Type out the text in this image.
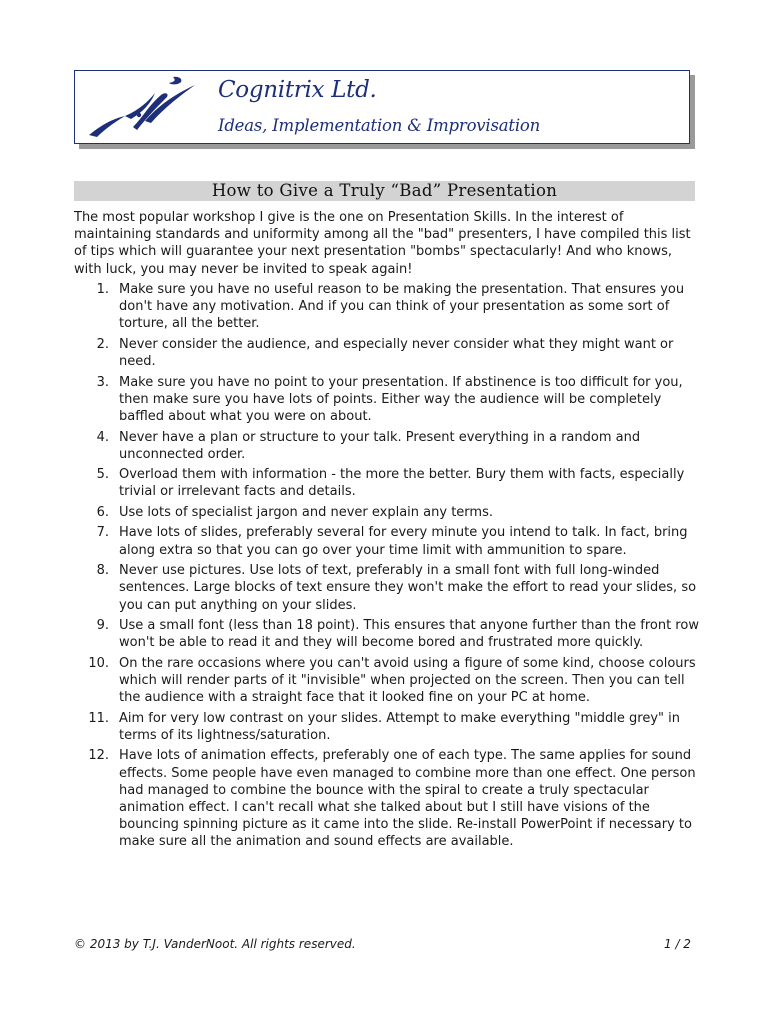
Cognitrix Ltd.
Ideas, Implementation & Improvisation
How to Give a Truly “Bad” Presentation

The most popular workshop I give is the one on Presentation Skills. In the interest of maintaining standards and uniformity among all the "bad" presenters, I have compiled this list of tips which will guarantee your next presentation "bombs" spectacularly! And who knows, with luck, you may never be invited to speak again!

1. Make sure you have no useful reason to be making the presentation. That ensures you don't have any motivation. And if you can think of your presentation as some sort of torture, all the better.
2. Never consider the audience, and especially never consider what they might want or need.
3. Make sure you have no point to your presentation. If abstinence is too difficult for you, then make sure you have lots of points. Either way the audience will be completely baffled about what you were on about.
4. Never have a plan or structure to your talk. Present everything in a random and unconnected order.
5. Overload them with information - the more the better. Bury them with facts, especially trivial or irrelevant facts and details.
6. Use lots of specialist jargon and never explain any terms.
7. Have lots of slides, preferably several for every minute you intend to talk. In fact, bring along extra so that you can go over your time limit with ammunition to spare.
8. Never use pictures. Use lots of text, preferably in a small font with full long-winded sentences. Large blocks of text ensure they won't make the effort to read your slides, so you can put anything on your slides.
9. Use a small font (less than 18 point). This ensures that anyone further than the front row won't be able to read it and they will become bored and frustrated more quickly.
10. On the rare occasions where you can't avoid using a figure of some kind, choose colours which will render parts of it "invisible" when projected on the screen. Then you can tell the audience with a straight face that it looked fine on your PC at home.
11. Aim for very low contrast on your slides. Attempt to make everything "middle grey" in terms of its lightness/saturation.
12. Have lots of animation effects, preferably one of each type. The same applies for sound effects. Some people have even managed to combine more than one effect. One person had managed to combine the bounce with the spiral to create a truly spectacular animation effect. I can't recall what she talked about but I still have visions of the bouncing spinning picture as it came into the slide. Re-install PowerPoint if necessary to make sure all the animation and sound effects are available.
© 2013 by T.J. VanderNoot. All rights reserved.	1 / 2
